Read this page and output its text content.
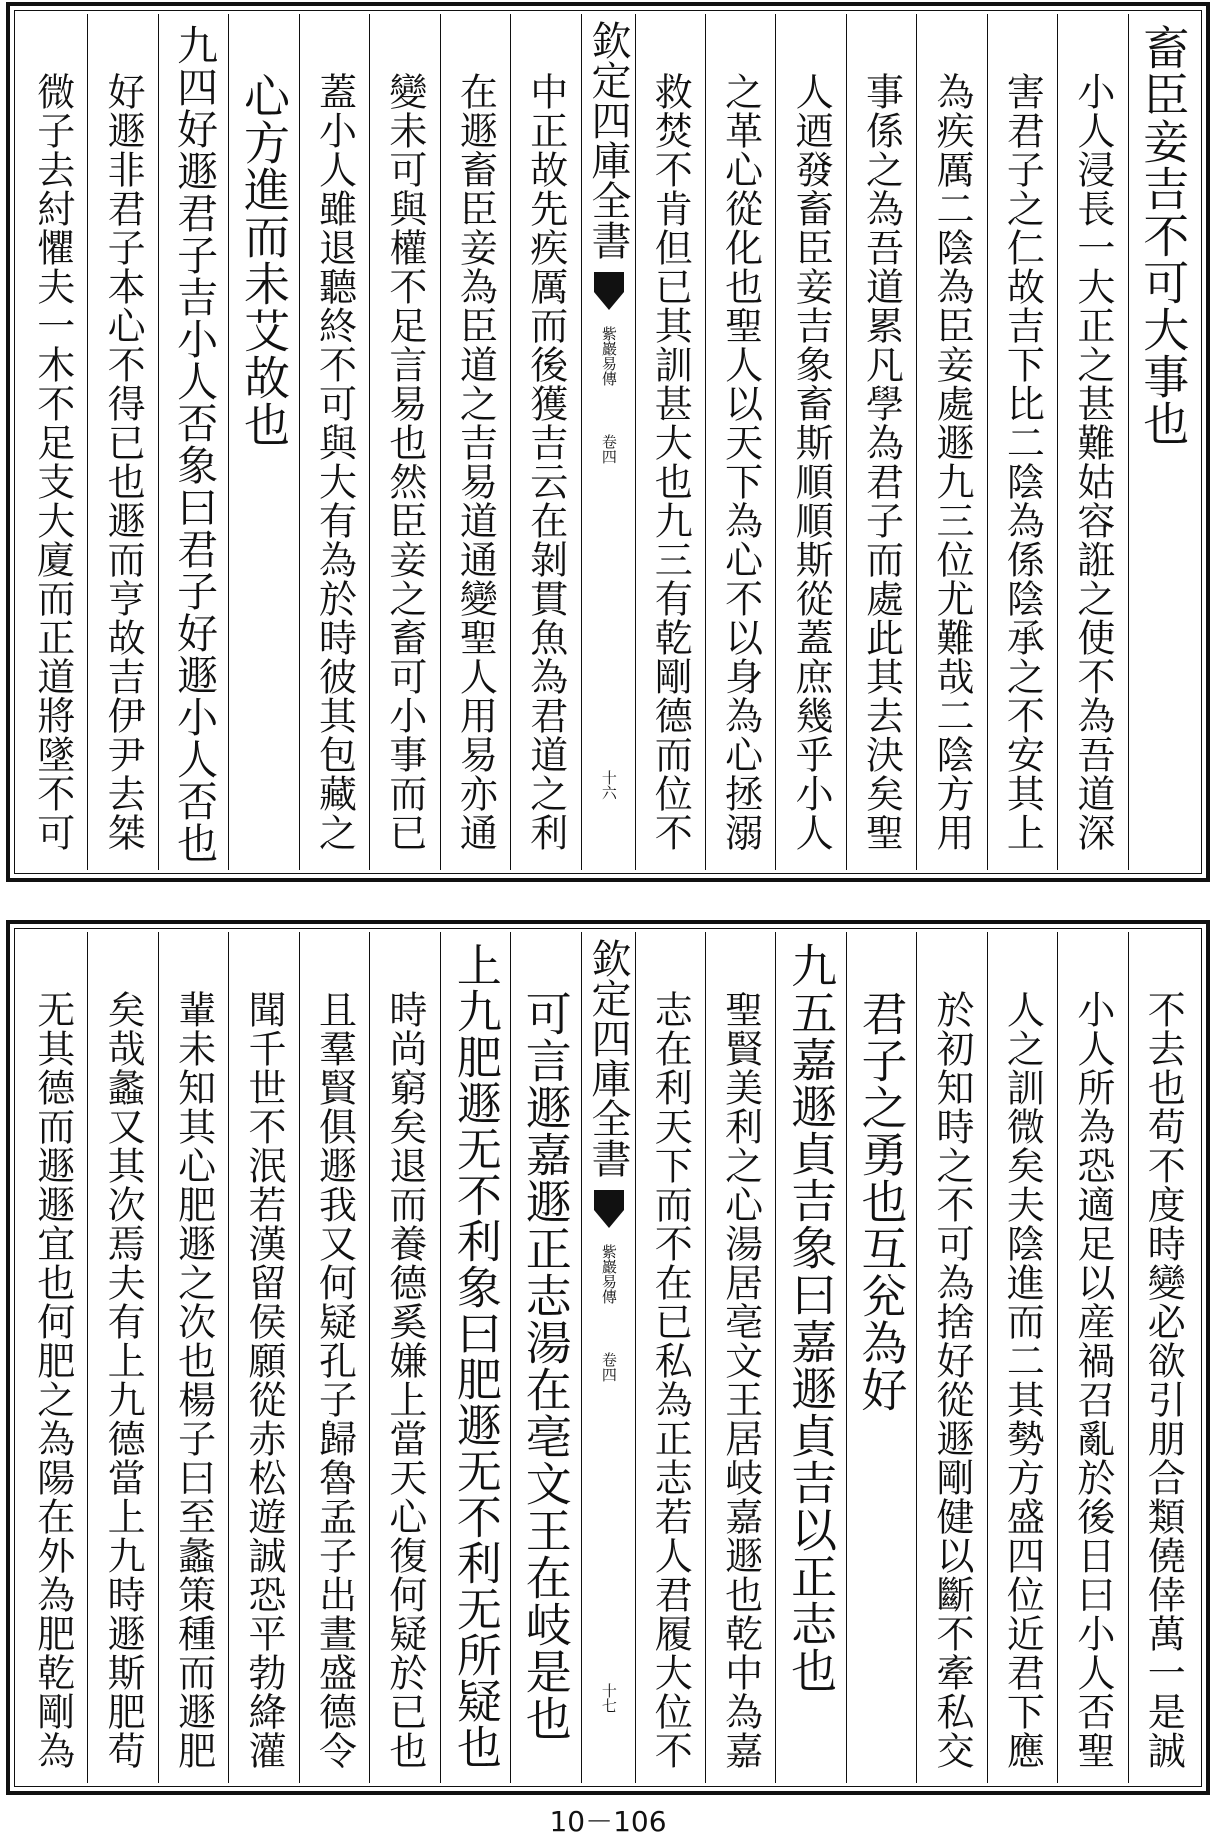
畜臣妾吉不可大事也
小人浸長一大正之甚難姑容誑之使不為吾道深
害君子之仁故吉下比二陰為係陰承之不安其上
為疾厲二陰為臣妾處遯九三位尤難哉二陰方用
事係之為吾道累凡學為君子而處此其去決矣聖
人迺發畜臣妾吉象畜斯順順斯從蓋庶幾乎小人
之革心從化也聖人以天下為心不以身為心拯溺
救焚不肯但已其訓甚大也九三有乾剛德而位不
欽定四庫全書
紫巖易傳
卷四
十六
中正故先疾厲而後獲吉云在剝貫魚為君道之利
在遯畜臣妾為臣道之吉易道通變聖人用易亦通
變未可與權不足言易也然臣妾之畜可小事而已
蓋小人雖退聽終不可與大有為於時彼其包藏之
心方進而未艾故也
九四好遯君子吉小人否象曰君子好遯小人否也
好遯非君子本心不得已也遯而亨故吉伊尹去桀
微子去紂懼夫一木不足支大廈而正道將墜不可
不去也苟不度時變必欲引朋合類僥倖萬一是誠
小人所為恐適足以産禍召亂於後日曰小人否聖
人之訓微矣夫陰進而二其勢方盛四位近君下應
於初知時之不可為捨好從遯剛健以斷不牽私交
君子之勇也互兊為好
九五嘉遯貞吉象曰嘉遯貞吉以正志也
聖賢美利之心湯居亳文王居岐嘉遯也乾中為嘉
志在利天下而不在已私為正志若人君履大位不
欽定四庫全書
紫巖易傳
卷四
十七
可言遯嘉遯正志湯在亳文王在岐是也
上九肥遯无不利象曰肥遯无不利无所疑也
時尚窮矣退而養德奚嫌上當天心復何疑於已也
且羣賢俱遯我又何疑孔子歸魯孟子出晝盛德令
聞千世不泯若漢留侯願從赤松遊誠恐平勃絳灌
輩未知其心肥遯之次也楊子曰至蠡策種而遯肥
矣哉蠡又其次焉夫有上九德當上九時遯斯肥苟
无其德而遯遯宜也何肥之為陽在外為肥乾剛為
10－106
